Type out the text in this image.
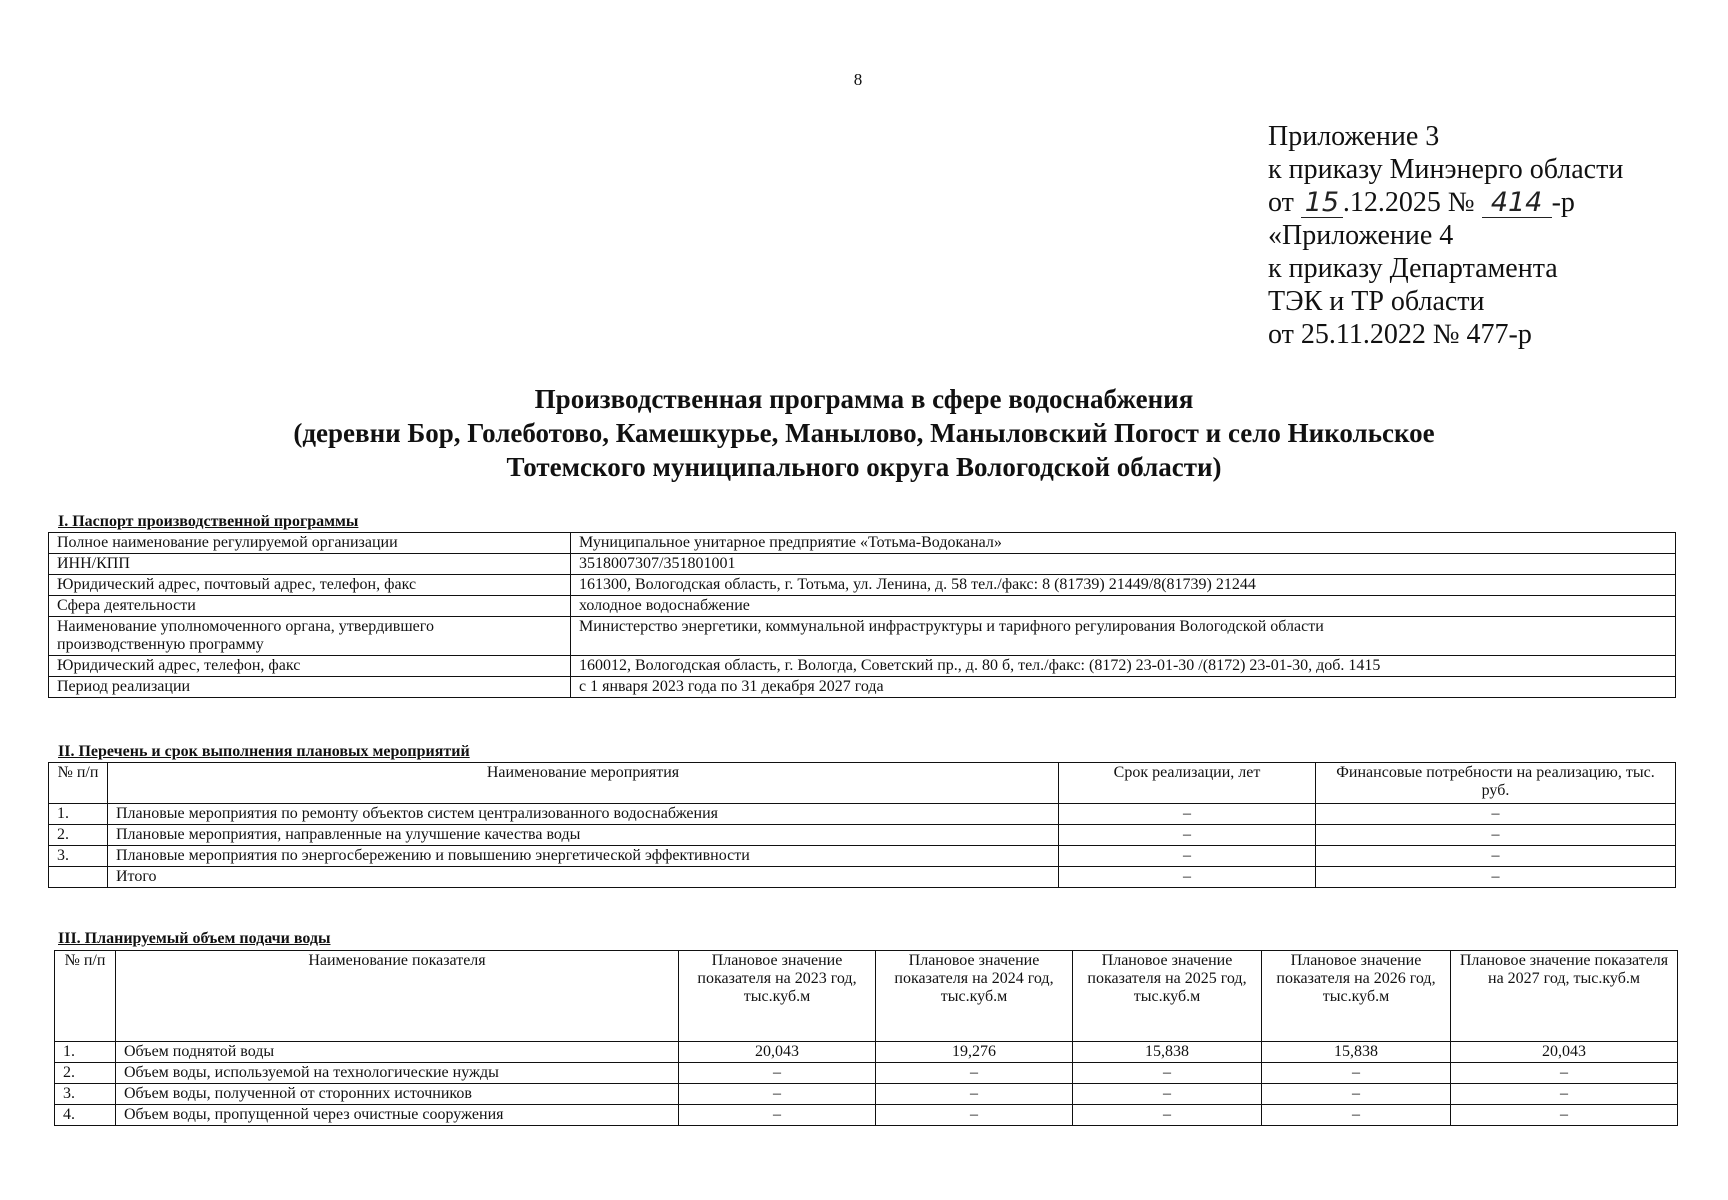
8
Приложение 3
к приказу Минэнерго области
от 15 .12.2025 № 414 -р
«Приложение 4
к приказу Департамента
ТЭК и ТР области
от 25.11.2022 № 477-р
Производственная программа в сфере водоснабжения
(деревни Бор, Голеботово, Камешкурье, Манылово, Маныловский Погост и село Никольское
Тотемского муниципального округа Вологодской области)
I. Паспорт производственной программы
Полное наименование регулируемой организации	Муниципальное унитарное предприятие «Тотьма-Водоканал»
ИНН/КПП	3518007307/351801001
Юридический адрес, почтовый адрес, телефон, факс	161300, Вологодская область, г. Тотьма, ул. Ленина, д. 58 тел./факс: 8 (81739) 21449/8(81739) 21244
Сфера деятельности	холодное водоснабжение
Наименование уполномоченного органа, утвердившего производственную программу	Министерство энергетики, коммунальной инфраструктуры и тарифного регулирования Вологодской области
Юридический адрес, телефон, факс	160012, Вологодская область, г. Вологда, Советский пр., д. 80 б, тел./факс: (8172) 23-01-30 /(8172) 23-01-30, доб. 1415
Период реализации	с 1 января 2023 года по 31 декабря 2027 года
II. Перечень и срок выполнения плановых мероприятий
№ п/п	Наименование мероприятия	Срок реализации, лет	Финансовые потребности на реализацию, тыс. руб.
1.	Плановые мероприятия по ремонту объектов систем централизованного водоснабжения	–	–
2.	Плановые мероприятия, направленные на улучшение качества воды	–	–
3.	Плановые мероприятия по энергосбережению и повышению энергетической эффективности	–	–
	Итого	–	–
III. Планируемый объем подачи воды
№ п/п	Наименование показателя	Плановое значение показателя на 2023 год, тыс.куб.м	Плановое значение показателя на 2024 год, тыс.куб.м	Плановое значение показателя на 2025 год, тыс.куб.м	Плановое значение показателя на 2026 год, тыс.куб.м	Плановое значение показателя на 2027 год, тыс.куб.м
1.	Объем поднятой воды	20,043	19,276	15,838	15,838	20,043
2.	Объем воды, используемой на технологические нужды	–	–	–	–	–
3.	Объем воды, полученной от сторонних источников	–	–	–	–	–
4.	Объем воды, пропущенной через очистные сооружения	–	–	–	–	–
